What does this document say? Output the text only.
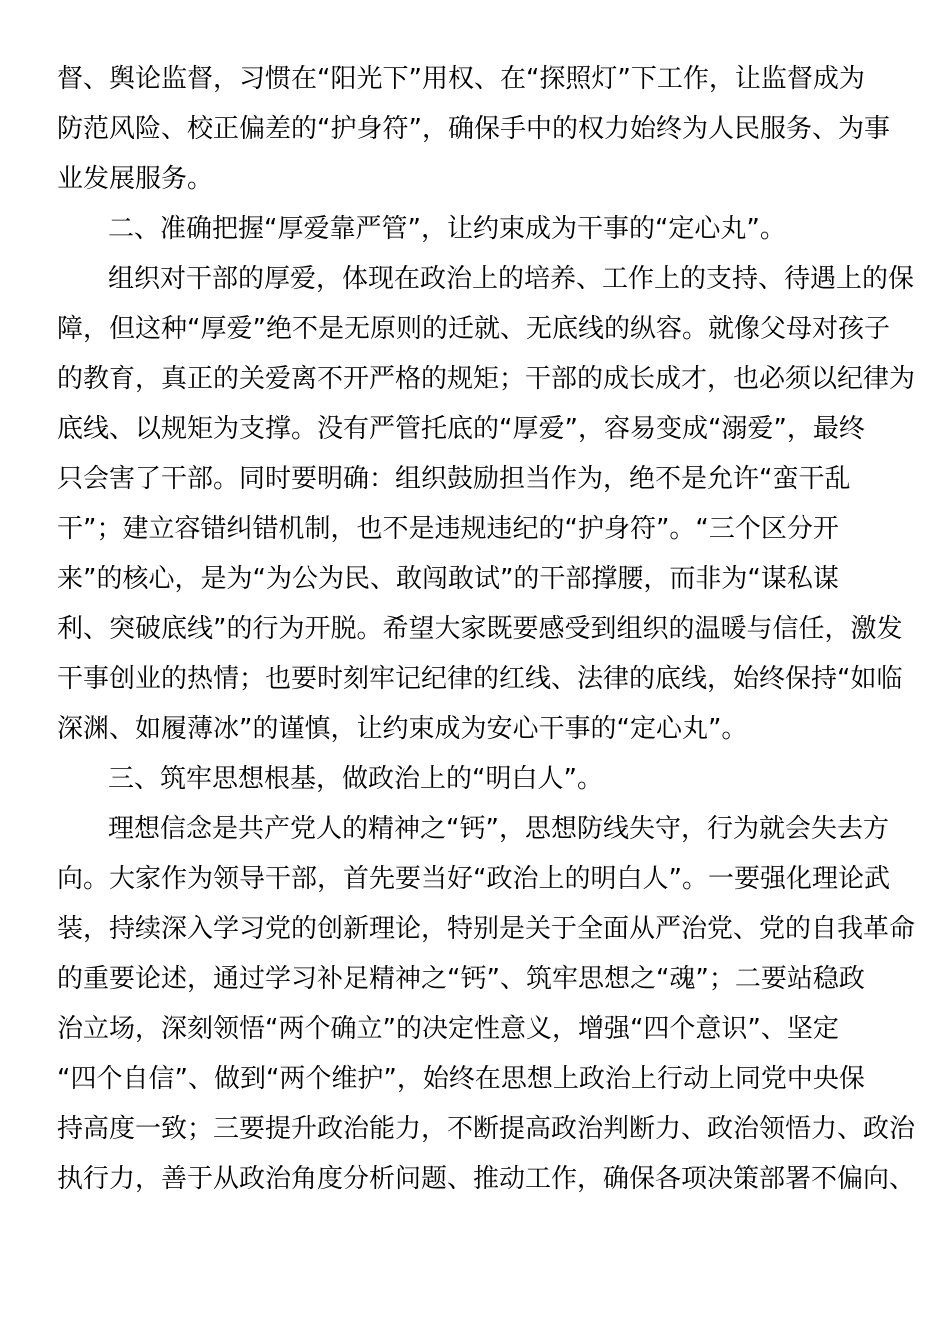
督、舆论监督，习惯在“阳光下”用权、在“探照灯”下工作，让监督成为
防范风险、校正偏差的“护身符”，确保手中的权力始终为人民服务、为事
业发展服务。
二、准确把握“厚爱靠严管”，让约束成为干事的“定心丸”。
组织对干部的厚爱，体现在政治上的培养、工作上的支持、待遇上的保
障，但这种“厚爱”绝不是无原则的迁就、无底线的纵容。就像父母对孩子
的教育，真正的关爱离不开严格的规矩；干部的成长成才，也必须以纪律为
底线、以规矩为支撑。没有严管托底的“厚爱”，容易变成“溺爱”，最终
只会害了干部。同时要明确：组织鼓励担当作为，绝不是允许“蛮干乱
干”；建立容错纠错机制，也不是违规违纪的“护身符”。“三个区分开
来”的核心，是为“为公为民、敢闯敢试”的干部撑腰，而非为“谋私谋
利、突破底线”的行为开脱。希望大家既要感受到组织的温暖与信任，激发
干事创业的热情；也要时刻牢记纪律的红线、法律的底线，始终保持“如临
深渊、如履薄冰”的谨慎，让约束成为安心干事的“定心丸”。
三、筑牢思想根基，做政治上的“明白人”。
理想信念是共产党人的精神之“钙”，思想防线失守，行为就会失去方
向。大家作为领导干部，首先要当好“政治上的明白人”。一要强化理论武
装，持续深入学习党的创新理论，特别是关于全面从严治党、党的自我革命
的重要论述，通过学习补足精神之“钙”、筑牢思想之“魂”；二要站稳政
治立场，深刻领悟“两个确立”的决定性意义，增强“四个意识”、坚定
“四个自信”、做到“两个维护”，始终在思想上政治上行动上同党中央保
持高度一致；三要提升政治能力，不断提高政治判断力、政治领悟力、政治
执行力，善于从政治角度分析问题、推动工作，确保各项决策部署不偏向、
